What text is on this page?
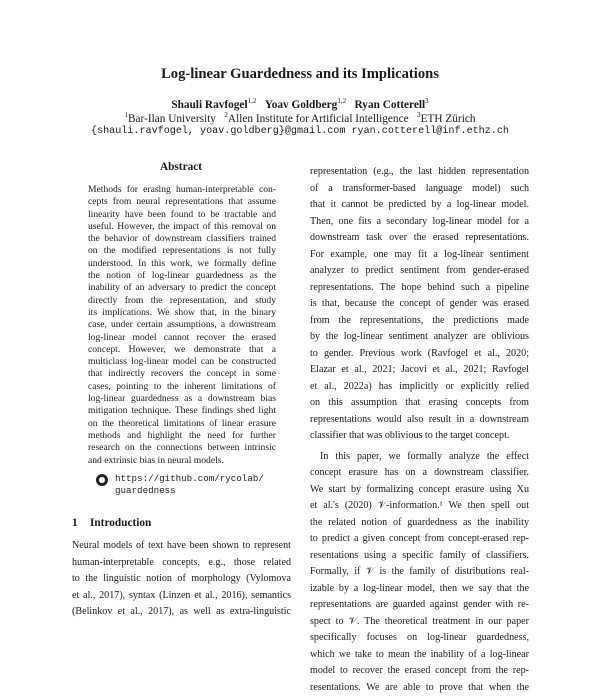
Log-linear Guardedness and its Implications
Shauli Ravfogel$^{1,2}$ Yoav Goldberg$^{1,2}$ Ryan Cotterell$^3$
$^1$Bar-Ilan University $^2$Allen Institute for Artificial Intelligence $^3$ETH Zürich
{shauli.ravfogel, yoav.goldberg}@gmail.com ryan.cotterell@inf.ethz.ch
Abstract
Methods for erasing human-interpretable con-
cepts from neural representations that assume
linearity have been found to be tractable and
useful. However, the impact of this removal on
the behavior of downstream classifiers trained
on the modified representations is not fully
understood. In this work, we formally define
the notion of log-linear guardedness as the
inability of an adversary to predict the concept
directly from the representation, and study
its implications. We show that, in the binary
case, under certain assumptions, a downstream
log-linear model cannot recover the erased
concept. However, we demonstrate that a
multiclass log-linear model can be constructed
that indirectly recovers the concept in some
cases, pointing to the inherent limitations of
log-linear guardedness as a downstream bias
mitigation technique. These findings shed light
on the theoretical limitations of linear erasure
methods and highlight the need for further
research on the connections between intrinsic
and extrinsic bias in neural models.
https://github.com/rycolab/
guardedness
1 Introduction
Neural models of text have been shown to represent
human-interpretable concepts, e.g., those related
to the linguistic notion of morphology (Vylomova
et al., 2017), syntax (Linzen et al., 2016), semantics
(Belinkov et al., 2017), as well as extra-linguistic
representation (e.g., the last hidden representation
of a transformer-based language model) such
that it cannot be predicted by a log-linear model.
Then, one fits a secondary log-linear model for a
downstream task over the erased representations.
For example, one may fit a log-linear sentiment
analyzer to predict sentiment from gender-erased
representations. The hope behind such a pipeline
is that, because the concept of gender was erased
from the representations, the predictions made
by the log-linear sentiment analyzer are oblivious
to gender. Previous work (Ravfogel et al., 2020;
Elazar et al., 2021; Jacovi et al., 2021; Ravfogel
et al., 2022a) has implicitly or explicitly relied
on this assumption that erasing concepts from
representations would also result in a downstream
classifier that was oblivious to the target concept.
In this paper, we formally analyze the effect
concept erasure has on a downstream classifier.
We start by formalizing concept erasure using Xu
et al.'s (2020) 𝒱-information.¹ We then spell out
the related notion of guardedness as the inability
to predict a given concept from concept-erased rep-
resentations using a specific family of classifiers.
Formally, if 𝒱 is the family of distributions real-
izable by a log-linear model, then we say that the
representations are guarded against gender with re-
spect to 𝒱. The theoretical treatment in our paper
specifically focuses on log-linear guardedness,
which we take to mean the inability of a log-linear
model to recover the erased concept from the rep-
resentations. We are able to prove that when the
